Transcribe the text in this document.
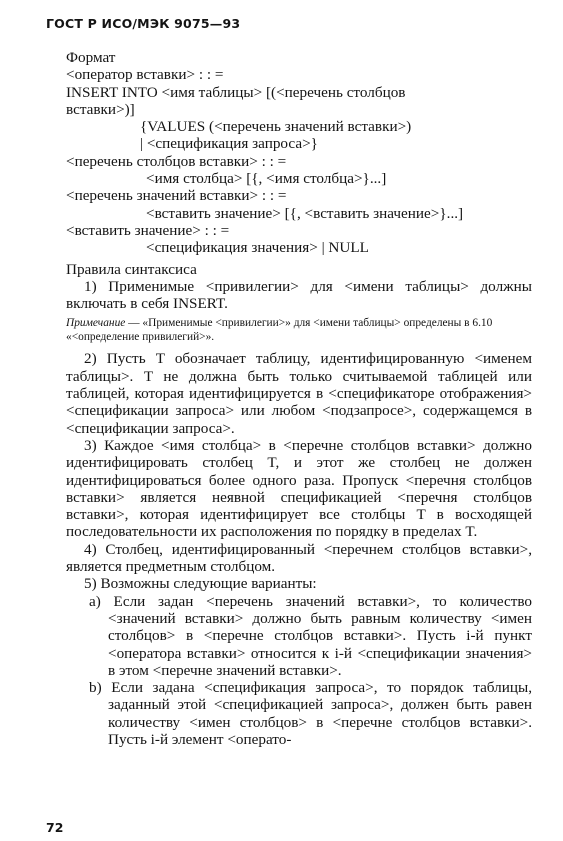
ГОСТ Р ИСО/МЭК 9075—93
Формат
<оператор вставки> : : =
INSERT INTO <имя таблицы> [(<перечень столбцов
вставки>)]
{VALUES (<перечень значений вставки>)
| <спецификация запроса>}
<перечень столбцов вставки> : : =
<имя столбца> [{, <имя столбца>}...]
<перечень значений вставки> : : =
<вставить значение> [{, <вставить значение>}...]
<вставить значение> : : =
<спецификация значения> | NULL
Правила синтаксиса
1) Применимые <привилегии> для <имени таблицы> должны включать в себя INSERT.
Примечание — «Применимые <привилегии>» для <имени таблицы> определены в 6.10 «<определение привилегий>».
2) Пусть T обозначает таблицу, идентифицированную <именем таблицы>. T не должна быть только считываемой таблицей или таблицей, которая идентифицируется в <спецификаторе отображения> <спецификации запроса> или любом <подзапросе>, содержащемся в <спецификации запроса>.
3) Каждое <имя столбца> в <перечне столбцов вставки> должно идентифицировать столбец T, и этот же столбец не должен идентифицироваться более одного раза. Пропуск <перечня столбцов вставки> является неявной спецификацией <перечня столбцов вставки>, которая идентифицирует все столбцы T в восходящей последовательности их расположения по порядку в пределах T.
4) Столбец, идентифицированный <перечнем столбцов вставки>, является предметным столбцом.
5) Возможны следующие варианты:
a) Если задан <перечень значений вставки>, то количество <значений вставки> должно быть равным количеству <имен столбцов> в <перечне столбцов вставки>. Пусть i-й пункт <оператора вставки> относится к i-й <спецификации значения> в этом <перечне значений вставки>.
b) Если задана <спецификация запроса>, то порядок таблицы, заданный этой <спецификацией запроса>, должен быть равен количеству <имен столбцов> в <перечне столбцов вставки>. Пусть i-й элемент <операто-
72
